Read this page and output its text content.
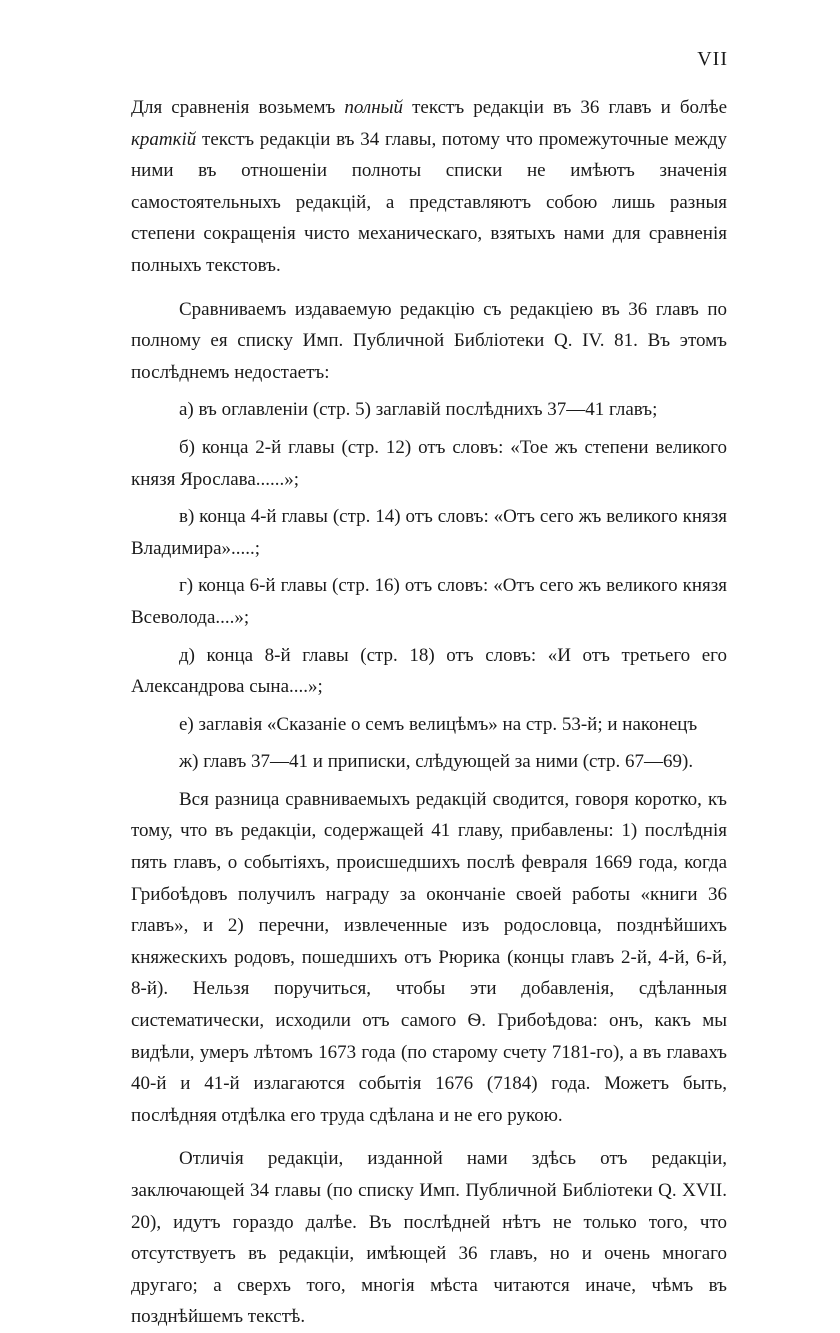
VII

Для сравненія возьмемъ полный текстъ редакціи въ 36 главъ и болѣе краткій текстъ редакціи въ 34 главы, потому что промежуточные между ними въ отношеніи полноты списки не имѣютъ значенія самостоятельныхъ редакцій, а представляютъ собою лишь разныя степени сокращенія чисто механическаго, взятыхъ нами для сравненія полныхъ текстовъ.

Сравниваемъ издаваемую редакцію съ редакціею въ 36 главъ по полному ея списку Имп. Публичной Библіотеки Q. IV. 81. Въ этомъ послѣднемъ недостаетъ:

а) въ оглавленіи (стр. 5) заглавій послѣднихъ 37—41 главъ;

б) конца 2-й главы (стр. 12) отъ словъ: «Тое жъ степени великого князя Ярослава......»;

в) конца 4-й главы (стр. 14) отъ словъ: «Отъ сего жъ великого князя Владимира».....;

г) конца 6-й главы (стр. 16) отъ словъ: «Отъ сего жъ великого князя Всеволода....»;

д) конца 8-й главы (стр. 18) отъ словъ: «И отъ третьего его Александрова сына....»;

е) заглавія «Сказаніе о семъ велицѣмъ» на стр. 53-й; и наконецъ

ж) главъ 37—41 и приписки, слѣдующей за ними (стр. 67—69).

Вся разница сравниваемыхъ редакцій сводится, говоря коротко, къ тому, что въ редакціи, содержащей 41 главу, прибавлены: 1) послѣднія пять главъ, о событіяхъ, происшедшихъ послѣ февраля 1669 года, когда Грибоѣдовъ получилъ награду за окончаніе своей работы «книги 36 главъ», и 2) перечни, извлеченные изъ родословца, позднѣйшихъ княжескихъ родовъ, пошедшихъ отъ Рюрика (концы главъ 2-й, 4-й, 6-й, 8-й). Нельзя поручиться, чтобы эти добавленія, сдѣланныя систематически, исходили отъ самого Ѳ. Грибоѣдова: онъ, какъ мы видѣли, умеръ лѣтомъ 1673 года (по старому счету 7181-го), а въ главахъ 40-й и 41-й излагаются событія 1676 (7184) года. Можетъ быть, послѣдняя отдѣлка его труда сдѣлана и не его рукою.

Отличія редакціи, изданной нами здѣсь отъ редакціи, заключающей 34 главы (по списку Имп. Публичной Библіотеки Q. XVII. 20), идутъ гораздо далѣе. Въ послѣдней нѣтъ не только того, что отсутствуетъ въ редакціи, имѣющей 36 главъ, но и очень многаго другаго; а сверхъ того, многія мѣста читаются иначе, чѣмъ въ позднѣйшемъ текстѣ.
